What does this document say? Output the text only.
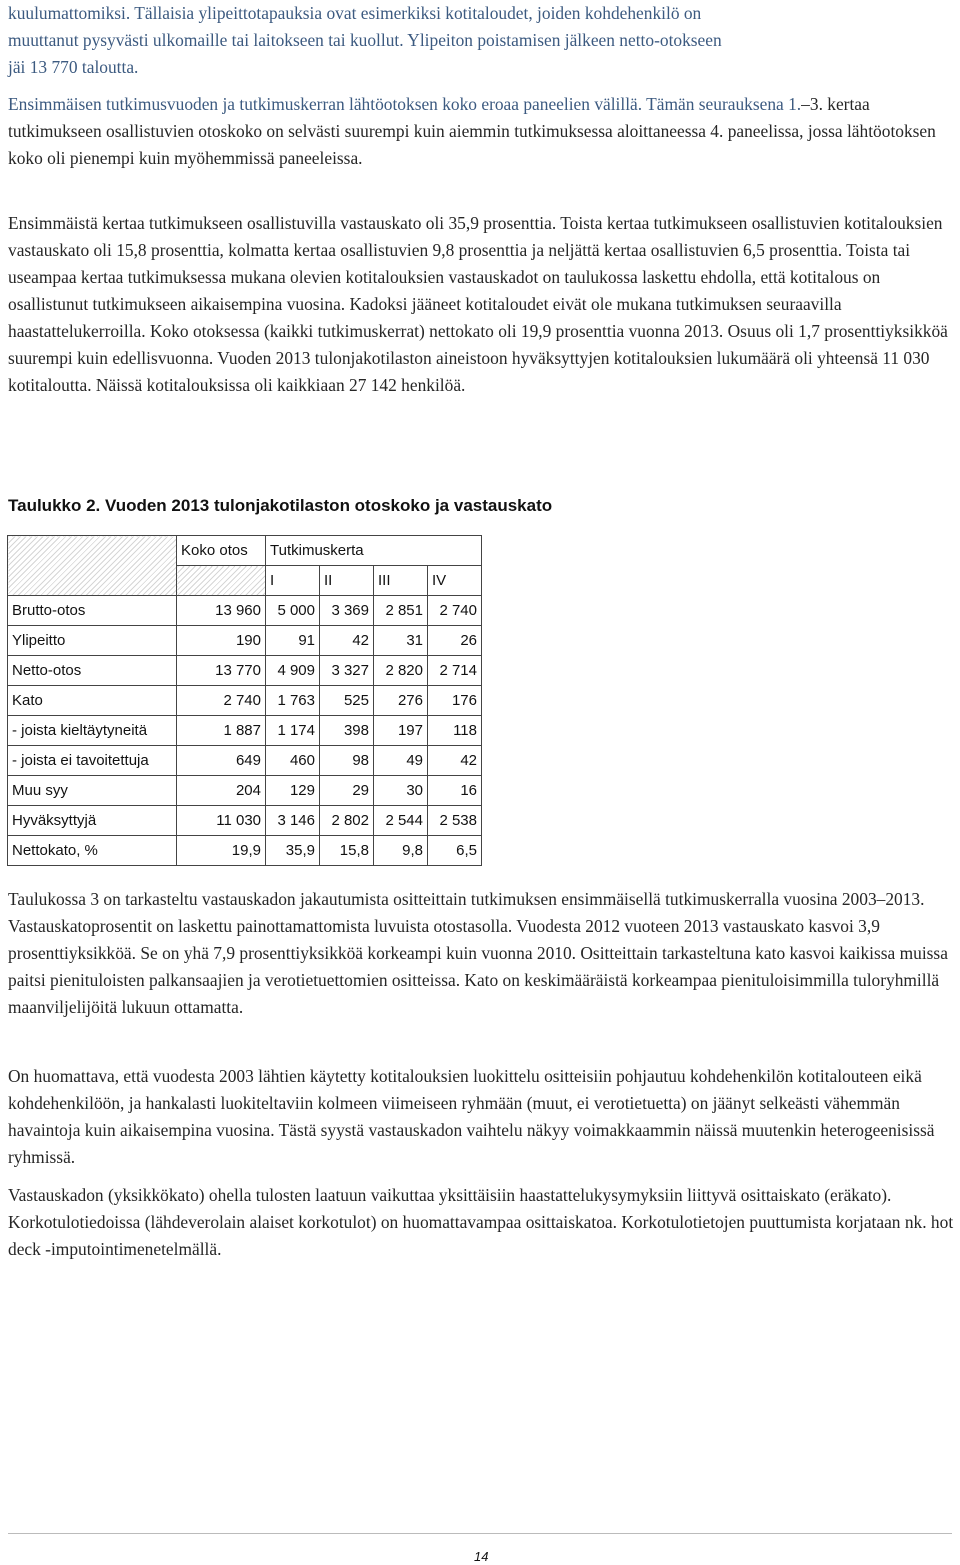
kuulumattomiksi. Tällaisia ylipeittotapauksia ovat esimerkiksi kotitaloudet, joiden kohdehenkilö on
muuttanut pysyvästi ulkomaille tai laitokseen tai kuollut. Ylipeiton poistamisen jälkeen netto-otokseen
jäi 13 770 taloutta.

Ensimmäisen tutkimusvuoden ja tutkimuskerran lähtöotoksen koko eroaa paneelien välillä. Tämän seurauksena 1.–3. kertaa tutkimukseen osallistuvien otoskoko on selvästi suurempi kuin aiemmin tutkimuksessa aloittaneessa 4. paneelissa, jossa lähtöotoksen koko oli pienempi kuin myöhemmissä paneeleissa.

Ensimmäistä kertaa tutkimukseen osallistuvilla vastauskato oli 35,9 prosenttia. Toista kertaa tutkimukseen osallistuvien kotitalouksien vastauskato oli 15,8 prosenttia, kolmatta kertaa osallistuvien 9,8 prosenttia ja neljättä kertaa osallistuvien 6,5 prosenttia. Toista tai useampaa kertaa tutkimuksessa mukana olevien kotitalouksien vastauskadot on taulukossa laskettu ehdolla, että kotitalous on osallistunut tutkimukseen aikaisempina vuosina. Kadoksi jääneet kotitaloudet eivät ole mukana tutkimuksen seuraavilla haastattelukerroilla. Koko otoksessa (kaikki tutkimuskerrat) nettokato oli 19,9 prosenttia vuonna 2013. Osuus oli 1,7 prosenttiyksikköä suurempi kuin edellisvuonna. Vuoden 2013 tulonjakotilaston aineistoon hyväksyttyjen kotitalouksien lukumäärä oli yhteensä 11 030 kotitaloutta. Näissä kotitalouksissa oli kaikkiaan 27 142 henkilöä.

Taulukko 2. Vuoden 2013 tulonjakotilaston otoskoko ja vastauskato
	Koko otos	Tutkimuskerta			
		I	II	III	IV
Brutto-otos	13 960	5 000	3 369	2 851	2 740
Ylipeitto	190	91	42	31	26
Netto-otos	13 770	4 909	3 327	2 820	2 714
Kato	2 740	1 763	525	276	176
- joista kieltäytyneitä	1 887	1 174	398	197	118
- joista ei tavoitettuja	649	460	98	49	42
Muu syy	204	129	29	30	16
Hyväksyttyjä	11 030	3 146	2 802	2 544	2 538
Nettokato, %	19,9	35,9	15,8	9,8	6,5

Taulukossa 3 on tarkasteltu vastauskadon jakautumista ositteittain tutkimuksen ensimmäisellä tutkimuskerralla vuosina 2003–2013. Vastauskatoprosentit on laskettu painottamattomista luvuista otostasolla. Vuodesta 2012 vuoteen 2013 vastauskato kasvoi 3,9 prosenttiyksikköä. Se on yhä 7,9 prosenttiyksikköä korkeampi kuin vuonna 2010. Ositteittain tarkasteltuna kato kasvoi kaikissa muissa paitsi pienituloisten palkansaajien ja verotietuettomien ositteissa. Kato on keskimääräistä korkeampaa pienituloisimmilla tuloryhmillä maanviljelijöitä lukuun ottamatta.

On huomattava, että vuodesta 2003 lähtien käytetty kotitalouksien luokittelu ositteisiin pohjautuu kohdehenkilön kotitalouteen eikä kohdehenkilöön, ja hankalasti luokiteltaviin kolmeen viimeiseen ryhmään (muut, ei verotietuetta) on jäänyt selkeästi vähemmän havaintoja kuin aikaisempina vuosina. Tästä syystä vastauskadon vaihtelu näkyy voimakkaammin näissä muutenkin heterogeenisissä ryhmissä.

Vastauskadon (yksikkökato) ohella tulosten laatuun vaikuttaa yksittäisiin haastattelukysymyksiin liittyvä osittaiskato (eräkato). Korkotulotiedoissa (lähdeverolain alaiset korkotulot) on huomattavampaa osittaiskatoa. Korkotulotietojen puuttumista korjataan nk. hot deck -imputointimenetelmällä.

14
